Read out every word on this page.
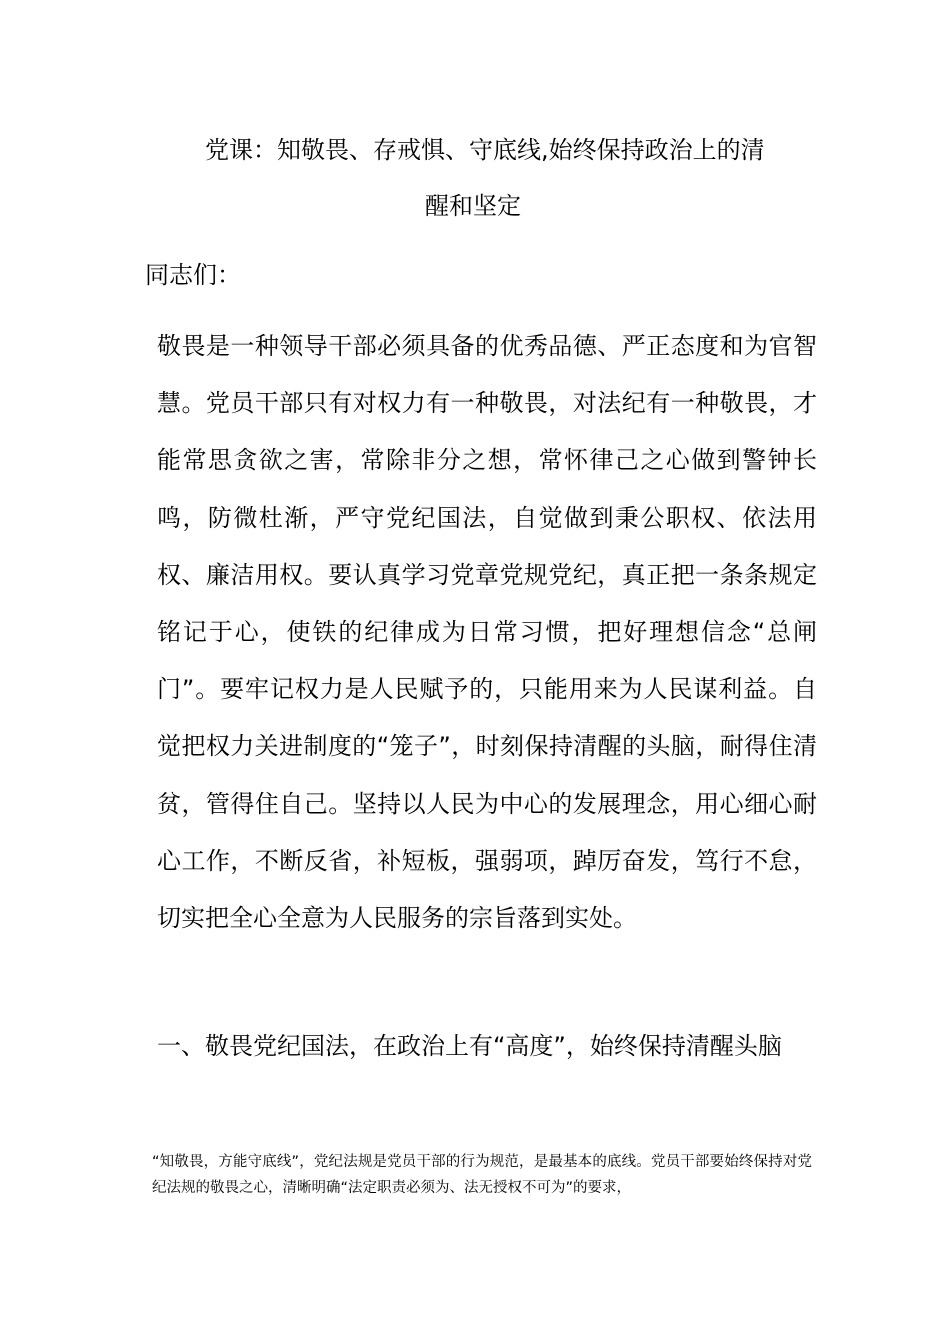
党课：知敬畏、存戒惧、守底线,始终保持政治上的清
醒和坚定
同志们：
敬畏是一种领导干部必须具备的优秀品德、严正态度和为官智慧。党员干部只有对权力有一种敬畏，对法纪有一种敬畏，才能常思贪欲之害，常除非分之想，常怀律己之心做到警钟长鸣，防微杜渐，严守党纪国法，自觉做到秉公职权、依法用权、廉洁用权。要认真学习党章党规党纪，真正把一条条规定铭记于心，使铁的纪律成为日常习惯，把好理想信念“总闸门”。要牢记权力是人民赋予的，只能用来为人民谋利益。自觉把权力关进制度的“笼子”，时刻保持清醒的头脑，耐得住清贫，管得住自己。坚持以人民为中心的发展理念，用心细心耐心工作，不断反省，补短板，强弱项，踔厉奋发，笃行不怠，切实把全心全意为人民服务的宗旨落到实处。
一、敬畏党纪国法，在政治上有“高度”，始终保持清醒头脑
“知敬畏，方能守底线”，党纪法规是党员干部的行为规范，是最基本的底线。党员干部要始终保持对党纪法规的敬畏之心，清晰明确“法定职责必须为、法无授权不可为”的要求，
